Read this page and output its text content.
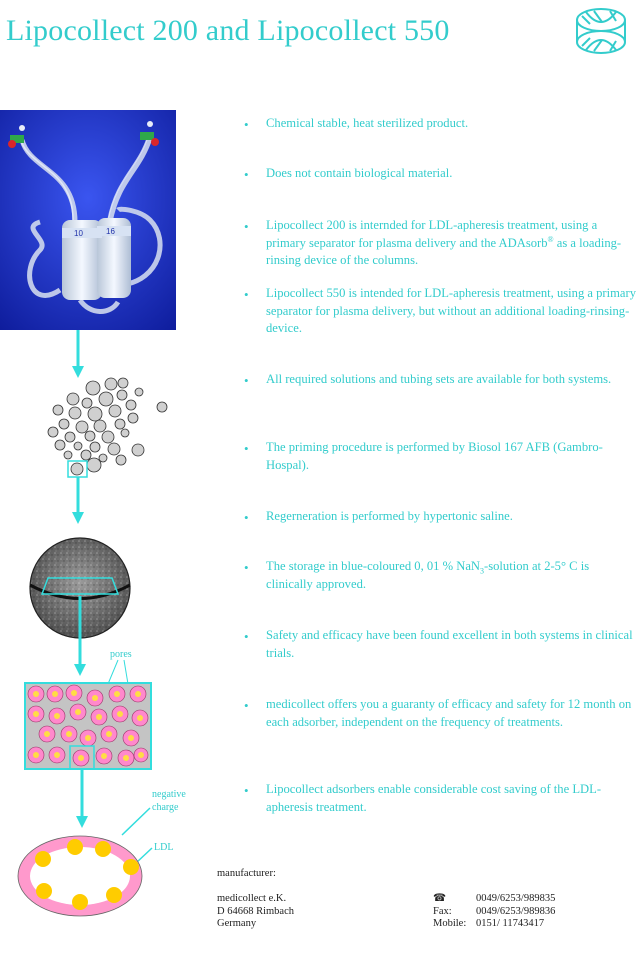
Lipocollect 200 and Lipocollect 550
10	16
pores
negative
charge
LDL
• Chemical stable, heat sterilized product.
• Does not contain biological material.
• Lipocollect 200 is internded for LDL-apheresis treatment, using a primary separator for plasma delivery and the ADAsorb® as a loading-rinsing device of the columns.
• Lipocollect 550 is intended for LDL-apheresis treatment, using a primary separator for plasma delivery, but without an additional loading-rinsing-device.
• All required solutions and tubing sets are available for both systems.
• The priming procedure is performed by Biosol 167 AFB (Gambro-Hospal).
• Regerneration is performed by hypertonic saline.
• The storage in blue-coloured 0, 01 % NaN$_3$-solution at 2-5° C is clinically approved.
• Safety and efficacy have been found excellent in both systems in clinical trials.
• medicollect offers you a guaranty of efficacy and safety for 12 month on each adsorber, independent on the frequency of treatments.
• Lipocollect adsorbers enable considerable cost saving of the LDL-apheresis treatment.
manufacturer:
medicollect e.K.
D 64668 Rimbach
Germany
☎	0049/6253/989835
Fax:	0049/6253/989836
Mobile: 0151/ 11743417
